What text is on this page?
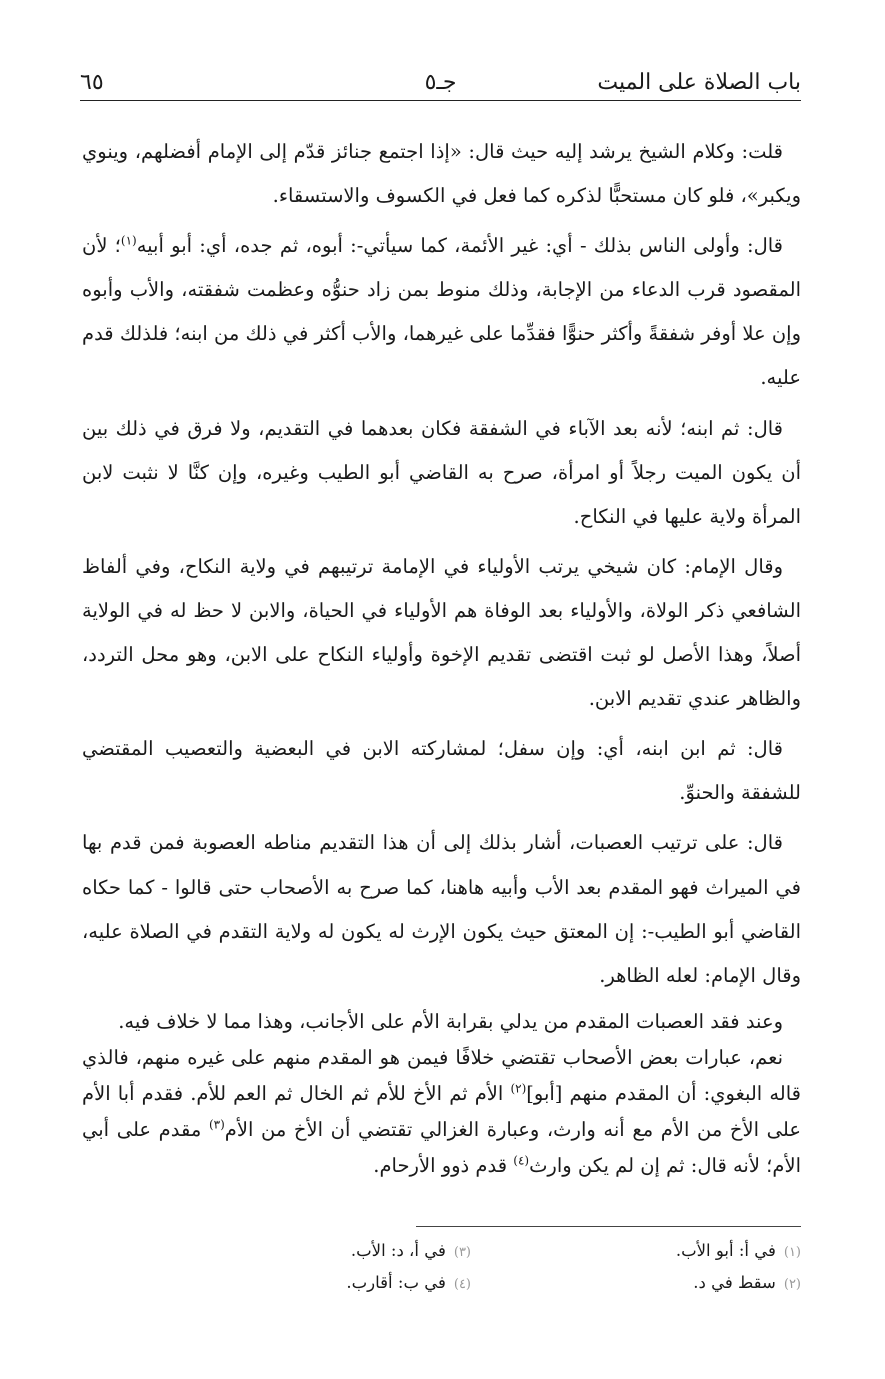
باب الصلاة على الميت
جـ٥
٦٥

قلت: وكلام الشيخ يرشد إليه حيث قال: «إذا اجتمع جنائز قدّم إلى الإمام أفضلهم، وينوي ويكبر»، فلو كان مستحبًّا لذكره كما فعل في الكسوف والاستسقاء.

قال: وأولى الناس بذلك - أي: غير الأئمة، كما سيأتي-: أبوه، ثم جده، أي: أبو أبيه$^{(١)}$؛ لأن المقصود قرب الدعاء من الإجابة، وذلك منوط بمن زاد حنوُّه وعظمت شفقته، والأب وأبوه وإن علا أوفر شفقةً وأكثر حنوًّا فقدِّما على غيرهما، والأب أكثر في ذلك من ابنه؛ فلذلك قدم عليه.

قال: ثم ابنه؛ لأنه بعد الآباء في الشفقة فكان بعدهما في التقديم، ولا فرق في ذلك بين أن يكون الميت رجلاً أو امرأة، صرح به القاضي أبو الطيب وغيره، وإن كنَّا لا نثبت لابن المرأة ولاية عليها في النكاح.

وقال الإمام: كان شيخي يرتب الأولياء في الإمامة ترتيبهم في ولاية النكاح، وفي ألفاظ الشافعي ذكر الولاة، والأولياء بعد الوفاة هم الأولياء في الحياة، والابن لا حظ له في الولاية أصلاً، وهذا الأصل لو ثبت اقتضى تقديم الإخوة وأولياء النكاح على الابن، وهو محل التردد، والظاهر عندي تقديم الابن.

قال: ثم ابن ابنه، أي: وإن سفل؛ لمشاركته الابن في البعضية والتعصيب المقتضي للشفقة والحنوِّ.

قال: على ترتيب العصبات، أشار بذلك إلى أن هذا التقديم مناطه العصوبة فمن قدم بها في الميراث فهو المقدم بعد الأب وأبيه هاهنا، كما صرح به الأصحاب حتى قالوا - كما حكاه القاضي أبو الطيب-: إن المعتق حيث يكون الإرث له يكون له ولاية التقدم في الصلاة عليه، وقال الإمام: لعله الظاهر.

وعند فقد العصبات المقدم من يدلي بقرابة الأم على الأجانب، وهذا مما لا خلاف فيه.

نعم، عبارات بعض الأصحاب تقتضي خلافًا فيمن هو المقدم منهم على غيره منهم، فالذي قاله البغوي: أن المقدم منهم [أبو]$^{(٢)}$ الأم ثم الأخ للأم ثم الخال ثم العم للأم. فقدم أبا الأم على الأخ من الأم مع أنه وارث، وعبارة الغزالي تقتضي أن الأخ من الأم$^{(٣)}$ مقدم على أبي الأم؛ لأنه قال: ثم إن لم يكن وارث$^{(٤)}$ قدم ذوو الأرحام.

(١)في أ: أبو الأب.
(٢)سقط في د.
(٣)في أ، د: الأب.
(٤)في ب: أقارب.
